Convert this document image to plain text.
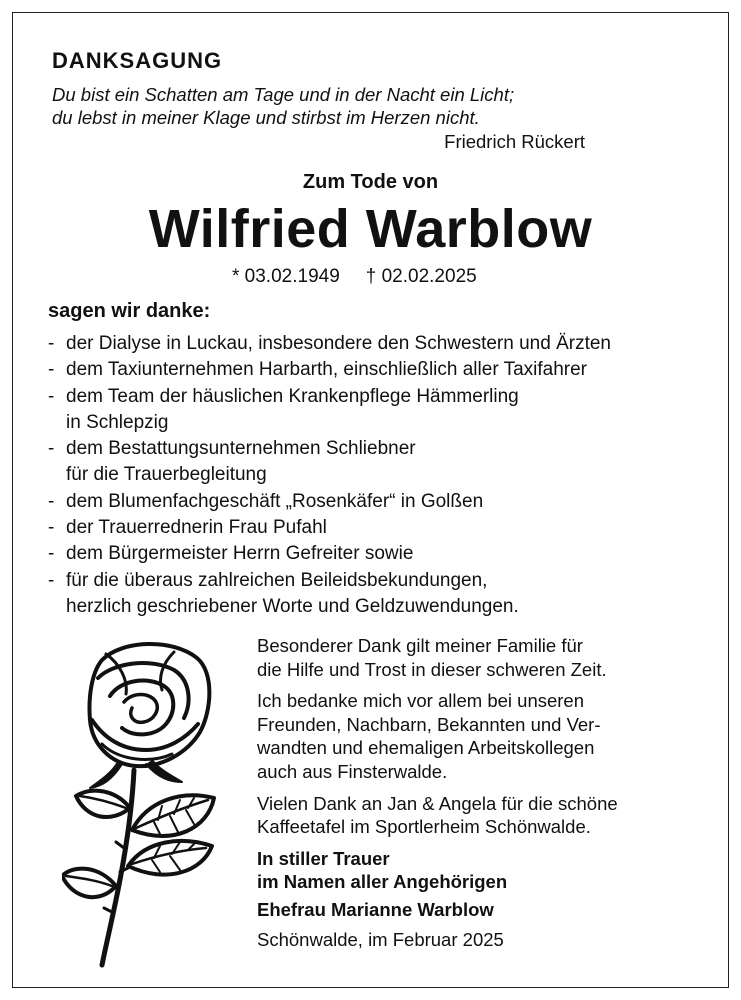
DANKSAGUNG
Du bist ein Schatten am Tage und in der Nacht ein Licht;
du lebst in meiner Klage und stirbst im Herzen nicht.
Friedrich Rückert
Zum Tode von
Wilfried Warblow
* 03.02.1949 † 02.02.2025
sagen wir danke:
- der Dialyse in Luckau, insbesondere den Schwestern und Ärzten
- dem Taxiunternehmen Harbarth, einschließlich aller Taxifahrer
- dem Team der häuslichen Krankenpflege Hämmerling
in Schlepzig
- dem Bestattungsunternehmen Schliebner
für die Trauerbegleitung
- dem Blumenfachgeschäft „Rosenkäfer“ in Golßen
- der Trauerrednerin Frau Pufahl
- dem Bürgermeister Herrn Gefreiter sowie
- für die überaus zahlreichen Beileidsbekundungen,
herzlich geschriebener Worte und Geldzuwendungen.

Besonderer Dank gilt meiner Familie für
die Hilfe und Trost in dieser schweren Zeit.

Ich bedanke mich vor allem bei unseren
Freunden, Nachbarn, Bekannten und Ver-
wandten und ehemaligen Arbeitskollegen
auch aus Finsterwalde.

Vielen Dank an Jan & Angela für die schöne
Kaffeetafel im Sportlerheim Schönwalde.

In stiller Trauer
im Namen aller Angehörigen

Ehefrau Marianne Warblow

Schönwalde, im Februar 2025
